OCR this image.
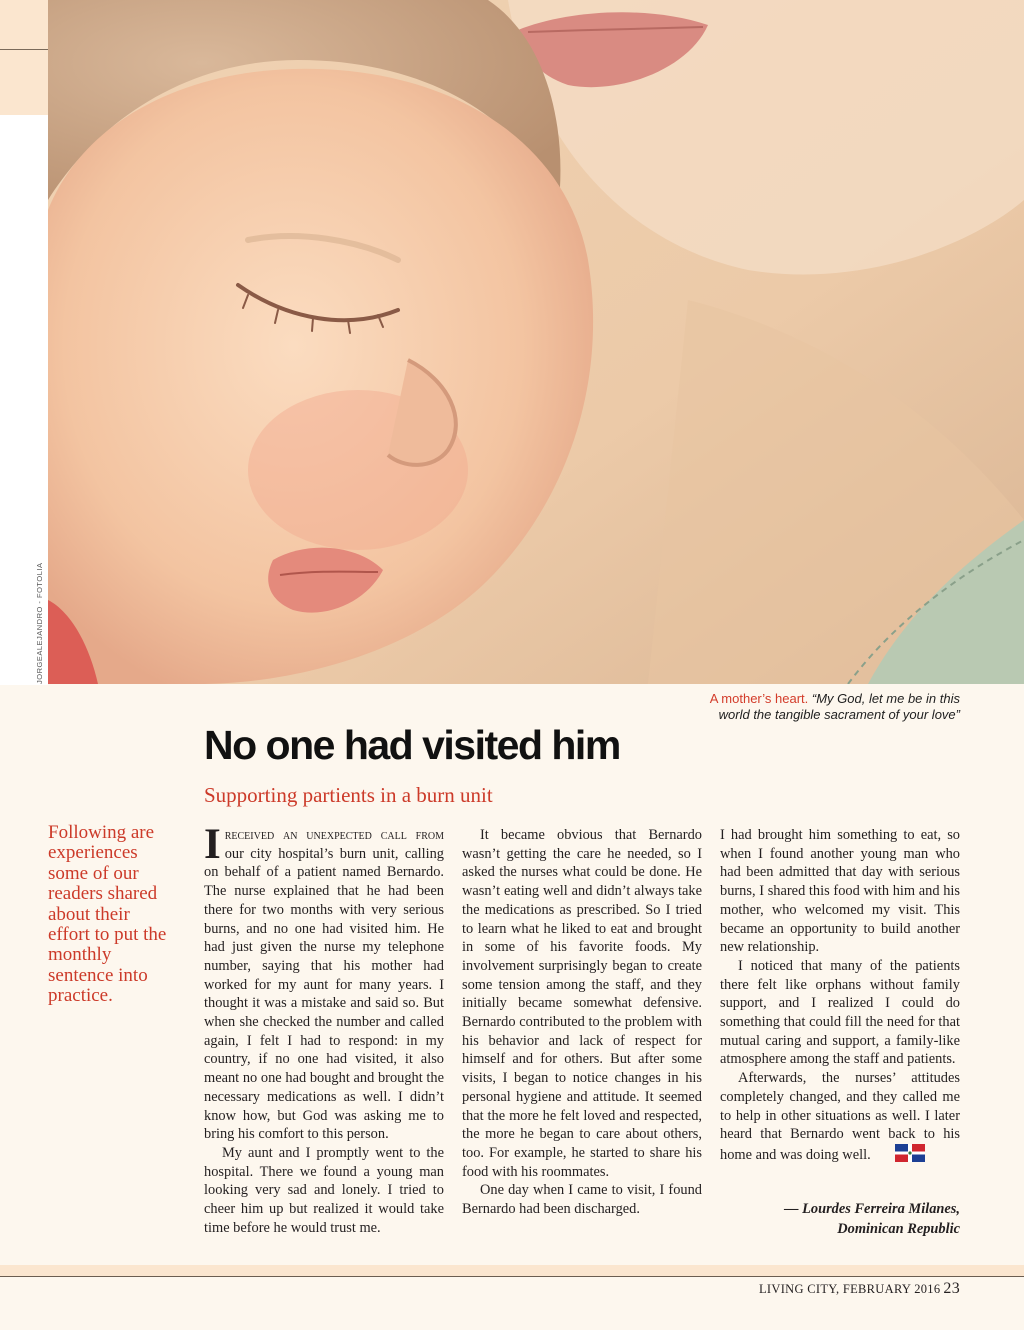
JORGEALEJANDRO - FOTOLIA
A mother’s heart. “My God, let me be in this world the tangible sacrament of your love”
No one had visited him
Supporting partients in a burn unit

Following are experiences some of our readers shared about their effort to put the monthly sentence into practice.

Ireceived an unexpected call from our city hospital’s burn unit, calling on behalf of a patient named Bernardo. The nurse explained that he had been there for two months with very serious burns, and no one had visited him. He had just given the nurse my telephone number, saying that his mother had worked for my aunt for many years. I thought it was a mistake and said so. But when she checked the number and called again, I felt I had to respond: in my country, if no one had visited, it also meant no one had bought and brought the necessary medications as well. I didn’t know how, but God was asking me to bring his comfort to this person.

My aunt and I promptly went to the hospital. There we found a young man looking very sad and lonely. I tried to cheer him up but realized it would take time before he would trust me.

It became obvious that Bernardo wasn’t getting the care he needed, so I asked the nurses what could be done. He wasn’t eating well and didn’t always take the medications as prescribed. So I tried to learn what he liked to eat and brought in some of his favorite foods. My involvement surprisingly began to create some tension among the staff, and they initially became somewhat defensive. Bernardo contributed to the problem with his behavior and lack of respect for himself and for others. But after some visits, I began to notice changes in his personal hygiene and attitude. It seemed that the more he felt loved and respected, the more he began to care about others, too. For example, he started to share his food with his roommates.

One day when I came to visit, I found Bernardo had been discharged.

I had brought him something to eat, so when I found another young man who had been admitted that day with serious burns, I shared this food with him and his mother, who welcomed my visit. This became an opportunity to build another new relationship.

I noticed that many of the patients there felt like orphans without family support, and I realized I could do something that could fill the need for that mutual caring and support, a family-like atmosphere among the staff and patients.

Afterwards, the nurses’ attitudes completely changed, and they called me to help in other situations as well. I later heard that Bernardo went back to his home and was doing well.

— Lourdes Ferreira Milanes,
Dominican Republic
LIVING CITY, FEBRUARY 2016 23
